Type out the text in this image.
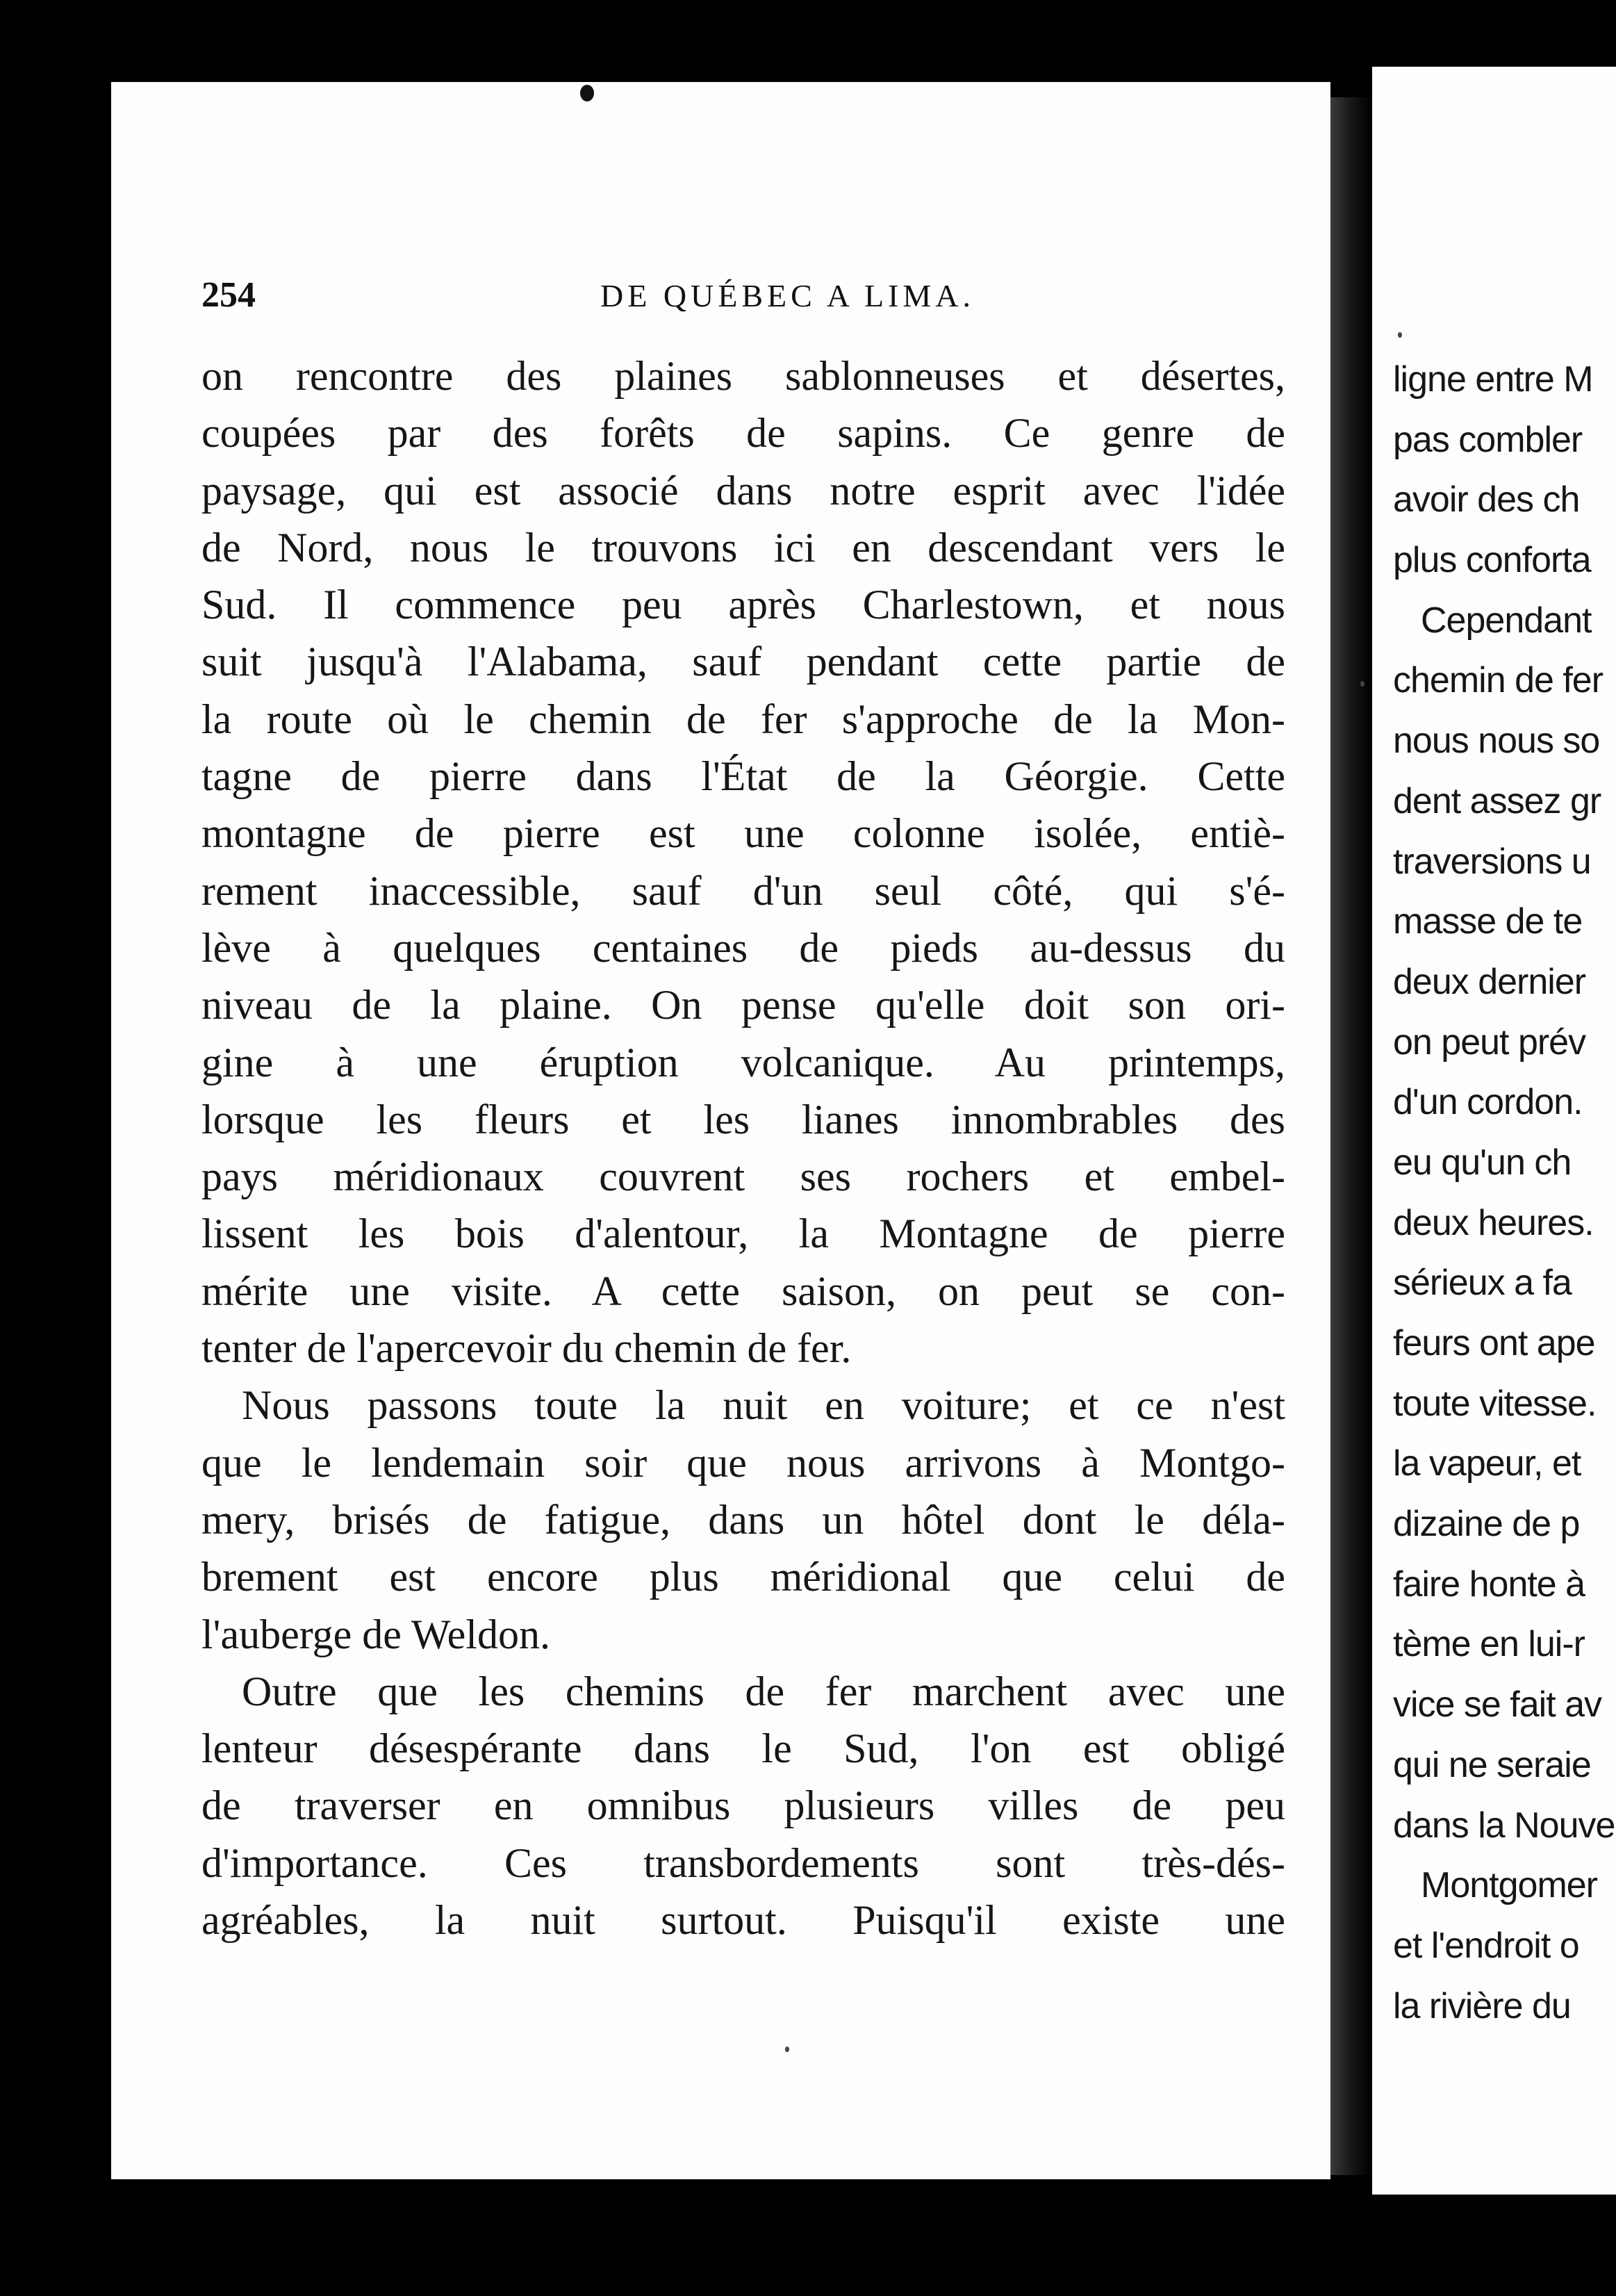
254	DE QUÉBEC A LIMA.
on rencontre des plaines sablonneuses et désertes,
coupées par des forêts de sapins. Ce genre de
paysage, qui est associé dans notre esprit avec l'idée
de Nord, nous le trouvons ici en descendant vers le
Sud. Il commence peu après Charlestown, et nous
suit jusqu'à l'Alabama, sauf pendant cette partie de
la route où le chemin de fer s'approche de la Mon-
tagne de pierre dans l'État de la Géorgie. Cette
montagne de pierre est une colonne isolée, entiè-
rement inaccessible, sauf d'un seul côté, qui s'é-
lève à quelques centaines de pieds au-dessus du
niveau de la plaine. On pense qu'elle doit son ori-
gine à une éruption volcanique. Au printemps,
lorsque les fleurs et les lianes innombrables des
pays méridionaux couvrent ses rochers et embel-
lissent les bois d'alentour, la Montagne de pierre
mérite une visite. A cette saison, on peut se con-
tenter de l'apercevoir du chemin de fer.
Nous passons toute la nuit en voiture; et ce n'est
que le lendemain soir que nous arrivons à Montgo-
mery, brisés de fatigue, dans un hôtel dont le déla-
brement est encore plus méridional que celui de
l'auberge de Weldon.
Outre que les chemins de fer marchent avec une
lenteur désespérante dans le Sud, l'on est obligé
de traverser en omnibus plusieurs villes de peu
d'importance. Ces transbordements sont très-dés-
agréables, la nuit surtout. Puisqu'il existe une
ligne entre M
pas combler
avoir des ch
plus conforta
Cependant
chemin de fer
nous nous so
dent assez gr
traversions u
masse de te
deux dernier
on peut prév
d'un cordon.
eu qu'un ch
deux heures.
sérieux a fa
feurs ont ape
toute vitesse.
la vapeur, et
dizaine de p
faire honte à
tème en lui-r
vice se fait av
qui ne seraie
dans la Nouve
Montgomer
et l'endroit o
la rivière du
